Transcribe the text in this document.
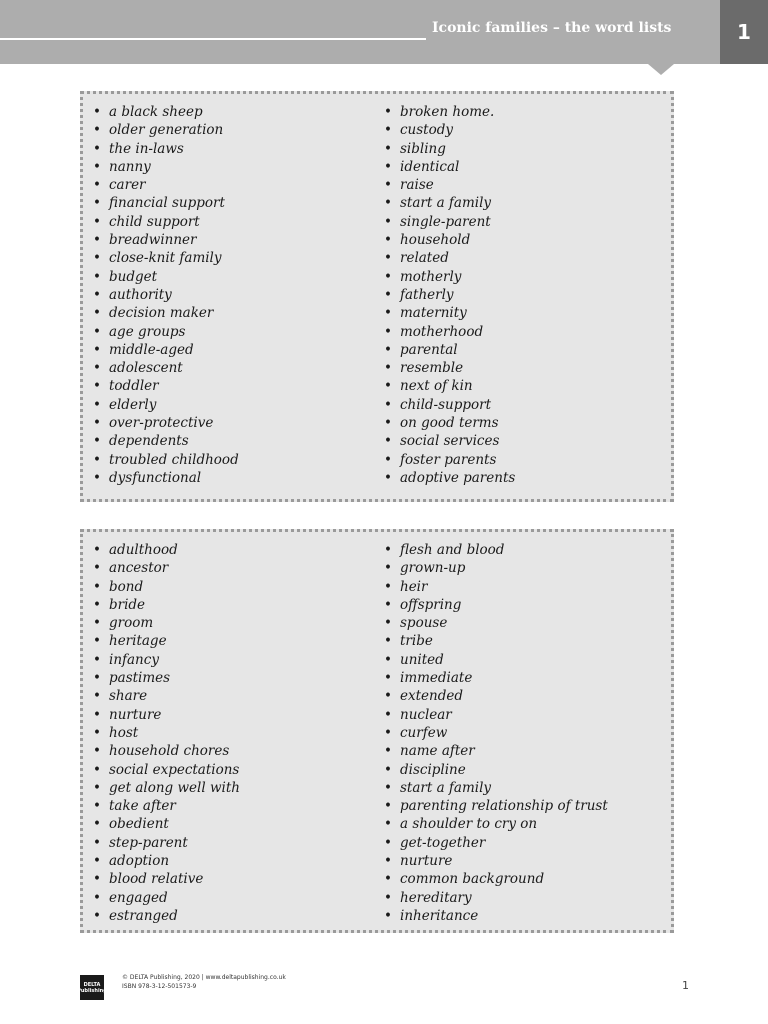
Iconic families – the word lists	1
• a black sheep
• older generation
• the in-laws
• nanny
• carer
• financial support
• child support
• breadwinner
• close-knit family
• budget
• authority
• decision maker
• age groups
• middle-aged
• adolescent
• toddler
• elderly
• over-protective
• dependents
• troubled childhood
• dysfunctional
• broken home.
• custody
• sibling
• identical
• raise
• start a family
• single-parent
• household
• related
• motherly
• fatherly
• maternity
• motherhood
• parental
• resemble
• next of kin
• child-support
• on good terms
• social services
• foster parents
• adoptive parents
• adulthood
• ancestor
• bond
• bride
• groom
• heritage
• infancy
• pastimes
• share
• nurture
• host
• household chores
• social expectations
• get along well with
• take after
• obedient
• step-parent
• adoption
• blood relative
• engaged
• estranged
• flesh and blood
• grown-up
• heir
• offspring
• spouse
• tribe
• united
• immediate
• extended
• nuclear
• curfew
• name after
• discipline
• start a family
• parenting relationship of trust
• a shoulder to cry on
• get-together
• nurture
• common background
• hereditary
• inheritance
DELTA
Publishing
© DELTA Publishing, 2020 | www.deltapublishing.co.uk
ISBN 978-3-12-501573-9	1
